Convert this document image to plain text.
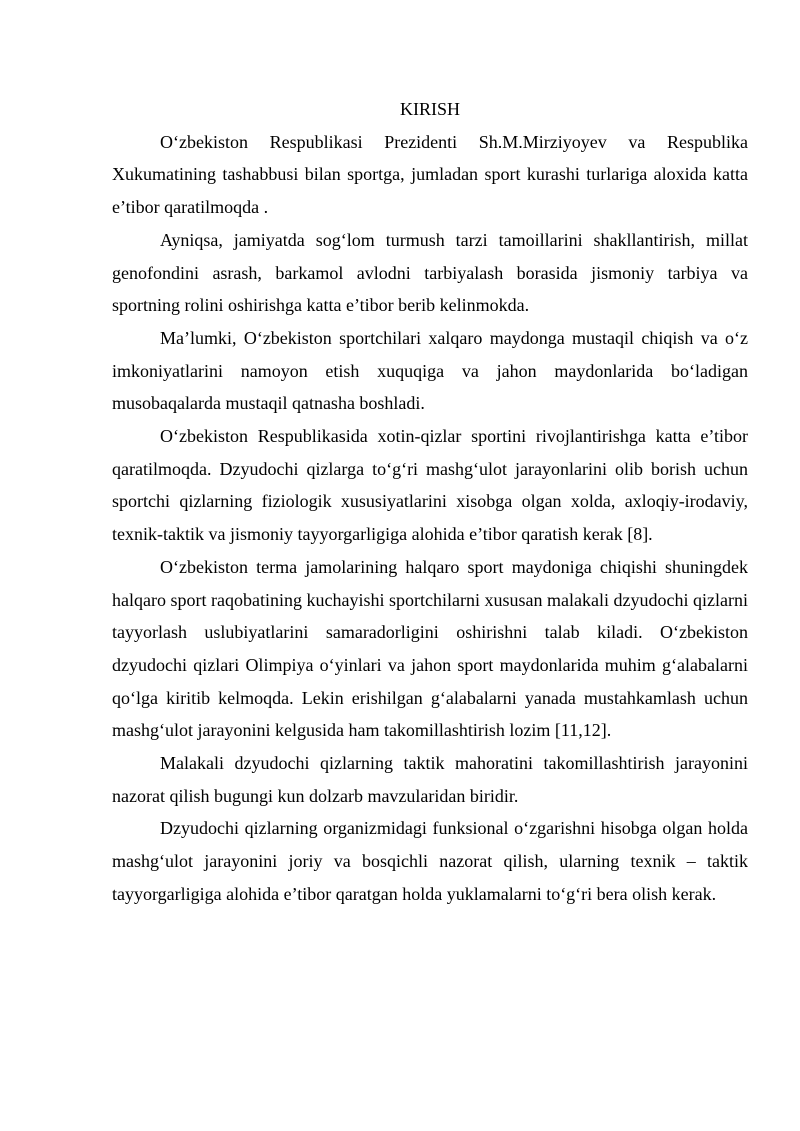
KIRISH

O‘zbekiston Respublikasi Prezidenti Sh.M.Mirziyoyev va Respublika Xukumatining tashabbusi bilan sportga, jumladan sport kurashi turlariga aloxida katta e’tibor qaratilmoqda .

Ayniqsa, jamiyatda sog‘lom turmush tarzi tamoillarini shakllantirish, millat genofondini asrash, barkamol avlodni tarbiyalash borasida jismoniy tarbiya va sportning rolini oshirishga katta e’tibor berib kelinmokda.

Ma’lumki, O‘zbekiston sportchilari xalqaro maydonga mustaqil chiqish va o‘z imkoniyatlarini namoyon etish xuquqiga va jahon maydonlarida bo‘ladigan musobaqalarda mustaqil qatnasha boshladi.

O‘zbekiston Respublikasida xotin-qizlar sportini rivojlantirishga katta e’tibor qaratilmoqda. Dzyudochi qizlarga to‘g‘ri mashg‘ulot jarayonlarini olib borish uchun sportchi qizlarning fiziologik xususiyatlarini xisobga olgan xolda, axloqiy-irodaviy, texnik-taktik va jismoniy tayyorgarligiga alohida e’tibor qaratish kerak [8].

O‘zbekiston terma jamolarining halqaro sport maydoniga chiqishi shuningdek halqaro sport raqobatining kuchayishi sportchilarni xususan malakali dzyudochi qizlarni tayyorlash uslubiyatlarini samaradorligini oshirishni talab kiladi. O‘zbekiston dzyudochi qizlari Olimpiya o‘yinlari va jahon sport maydonlarida muhim g‘alabalarni qo‘lga kiritib kelmoqda. Lekin erishilgan g‘alabalarni yanada mustahkamlash uchun mashg‘ulot jarayonini kelgusida ham takomillashtirish lozim [11,12].

Malakali dzyudochi qizlarning taktik mahoratini takomillashtirish jarayonini nazorat qilish bugungi kun dolzarb mavzularidan biridir.

Dzyudochi qizlarning organizmidagi funksional o‘zgarishni hisobga olgan holda mashg‘ulot jarayonini joriy va bosqichli nazorat qilish, ularning texnik – taktik tayyorgarligiga alohida e’tibor qaratgan holda yuklamalarni to‘g‘ri bera olish kerak.
